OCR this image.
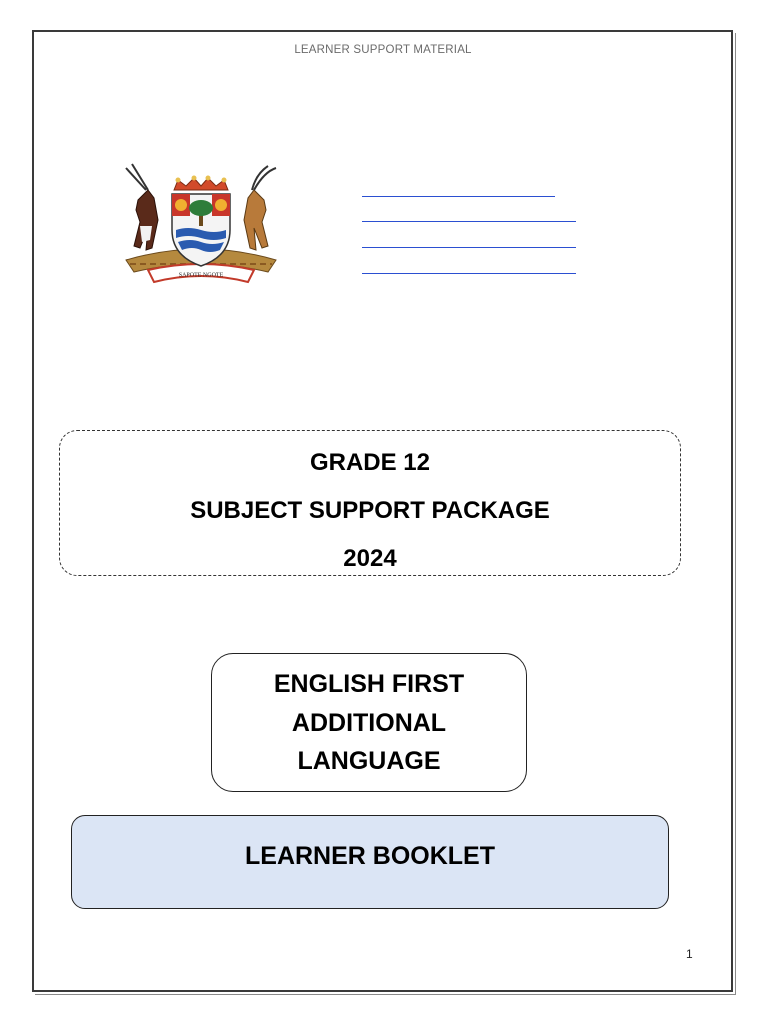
LEARNER SUPPORT MATERIAL
SAPOTE NGOTE
GRADE 12
SUBJECT SUPPORT PACKAGE
2024
ENGLISH FIRST
ADDITIONAL
LANGUAGE
LEARNER BOOKLET
1
